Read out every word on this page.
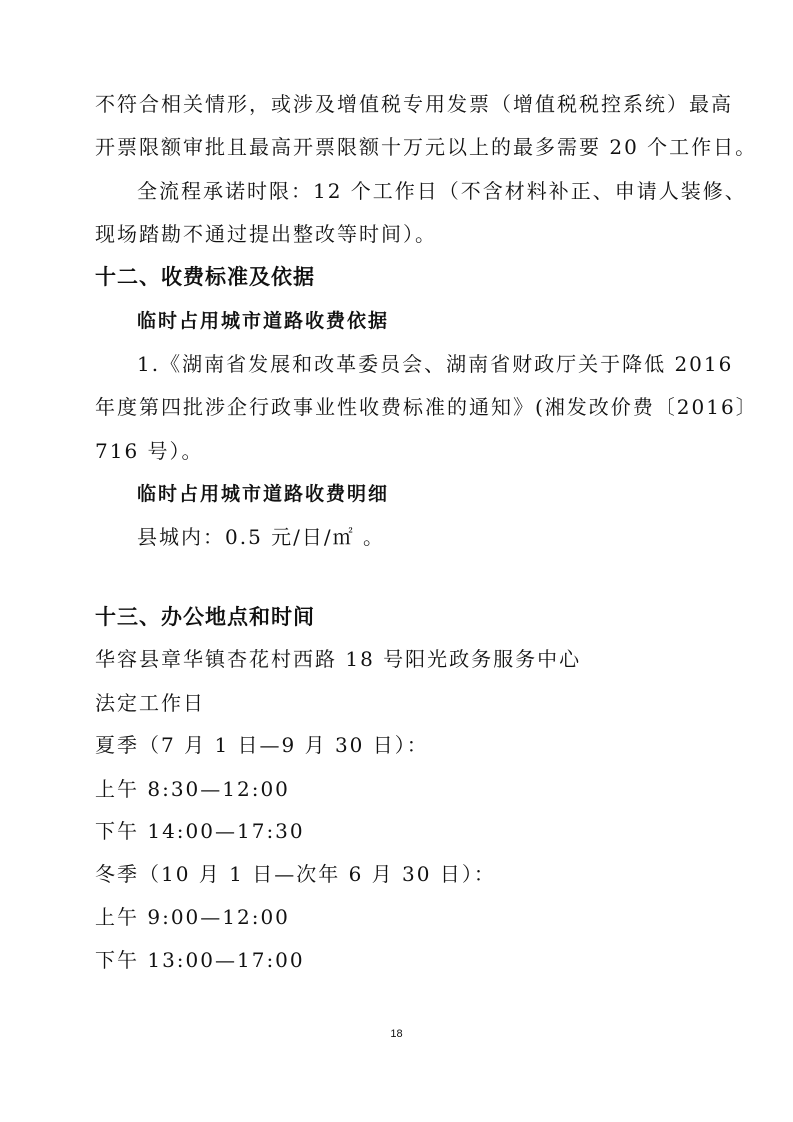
不符合相关情形，或涉及增值税专用发票（增值税税控系统）最高
开票限额审批且最高开票限额十万元以上的最多需要 20 个工作日。
全流程承诺时限：12 个工作日（不含材料补正、申请人装修、
现场踏勘不通过提出整改等时间）。
十二、收费标准及依据
临时占用城市道路收费依据
1.《湖南省发展和改革委员会、湖南省财政厅关于降低 2016
年度第四批涉企行政事业性收费标准的通知》(湘发改价费〔2016〕
716 号）。
临时占用城市道路收费明细
县城内：0.5 元/日/㎡ 。
十三、办公地点和时间
华容县章华镇杏花村西路 18 号阳光政务服务中心
法定工作日
夏季（7 月 1 日—9 月 30 日）：
上午 8:30—12:00
下午 14:00—17:30
冬季（10 月 1 日—次年 6 月 30 日）：
上午 9:00—12:00
下午 13:00—17:00
18
